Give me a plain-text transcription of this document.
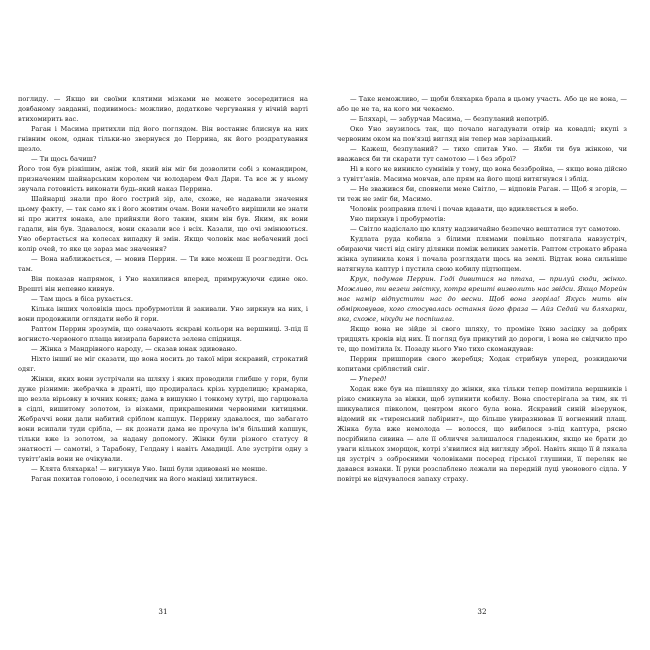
поглиду. — Якщо ви своїми клятими мізками не можете зосередитися на довбаному завданні, подивимось: можливо, додаткове чергування у нічній варті втихомирить вас.

Раган і Масима притихли під його поглядом. Він востаннє блиснув на них гнівним оком, однак тільки-но звернувся до Перрина, як його роздратування щезло.

— Ти щось бачиш?

Його тон був різкішим, аніж той, який він міг би дозволити собі з командиром, призначеним шайнарським королем чи володарем Фал Дари. Та все ж у ньому звучала готовність виконати будь-який наказ Перрина.

Шайнарці знали про його гострий зір, але, схоже, не надавали значення цьому факту, — так само як і його жовтим очам. Вони начебто вирішили не знати ні про життя юнака, але прийняли його таким, яким він був. Яким, як вони гадали, він був. Здавалося, вони сказали все і всіх. Казали, що очі змінюються. Уно обертається на колесах випадку й змін. Якщо чоловік має небачений досі колір очей, то яке це зараз має значення?

— Вона наближається, — мовив Перрин. — Ти вже можеш її розгледіти. Ось там.

Він показав напрямок, і Уно нахилився вперед, примружуючи єдине око. Врешті він непевно кивнув.

— Там щось в біса рухається.

Кілька інших чоловіків щось пробурмотіли й закивали. Уно зиркнув на них, і вони продовжили оглядати небо й гори.

Раптом Перрин зрозумів, що означають яскраві кольори на вершниці. З-під її вогнисто-червоного плаща визирала барвиста зелена спідниця.

— Жінка з Мандрівного народу, — сказав юнак здивовано.

Ніхто іншиї не міг сказати, що вона носить до такої міри яскравий, строкатий одяг.

Жінки, яких вони зустрічали на шляху і яких проводили глибше у гори, були дуже різними: жебрачка в дранті, що продиралась крізь хурделицю; крамарка, що везла вірьовку в ючних конях; дама в вишукно і тонкому хутрі, що гарцювала в сідлі, вишитому золотом, із візками, прикрашеними червоними китицями. Жебраччі вони дали набитий сріблом капшук. Перрину здавалося, що забагато вони всипали туди срібла, — як дознати дама не прочула ім'я більший капшук, тільки вже із золотом, за надану допомогу. Жінки були різного статусу й знатності — самотні, з Тарабону, Гелдану і навіть Амадиції. Але зустріти одну з тувітт'анів вони не очікували.

— Клята бляхарка! — вигукнув Уно. Інші були здивовані не менше.

Раган похитав головою, і оселедчик на його маківці хилитнувся.

31

— Таке неможливо, — щоби бляхарка брала в цьому участь. Або це не вона, — або це не та, на кого ми чекаємо.

— Бляхарі, — забурчав Масима, — безпуланий непотріб.

Око Уно звузилось так, що почало нагадувати отвір на ковадлі; вкупі з червоним оком на пов'язці вигляд він тепер мав зарізацький.

— Кажеш, безпуланий? — тихо спитав Уно. — Якби ти був жінкою, чи вважався би ти скарати тут самотою — і без зброї?

Ні в кого не виникло сумнівів у тому, що вона беззбройна, — якщо вона дійсно з тувітт'анів. Масима мовчав, але прям на його щоці витягнувся і зблід.

— Не зважився би, сповнели мене Світло, — відповів Раган. — Щоб я згорів, — ти теж не зміг би, Масимо.

Чоловік розправив плечі і почав вдавати, що вдивляється в небо.

Уно пирхнув і пробурмотів:

— Світло надіслало цю кляту надзвичайно безпечно вештатися тут самотою.

Кудлата руда кобила з білими плямами повільно потягала навзустріч, обираючи чисті від снігу ділянки поміж великих заметів. Раптом строкато вбрана жінка зупинила коня і почала розглядати щось на землі. Відтак вона сильніше натягнула каптур і пустила свою кобилу підтюпцем.

Крук, подумав Перрин. Годі дивитися на птаха, — прилуй сюди, жінко. Можливо, ти везеш звістку, котра врешті визволить нас звідси. Якщо Морейн має намір відпустити нас до весни. Щоб вона згоріла! Якусь мить він обмірковував, кого стосувалась остання його фраза — Айз Седай чи бляхарки, яка, схоже, нікуди не поспішала.

Якщо вона не зійде зі свого шляху, то проміне їхню засідку за добрих тридцять кроків від них. Її погляд був прикутий до дороги, і вона не свідчило про те, що помітила їх. Позаду нього Уно тихо скомандував:

Перрин пришпорив свого жеребця; Ходак стрибнув уперед, розкидаючи копитами сріблястий сніг.

— Уперед!

Ходак вже був на півшляху до жінки, яка тільки тепер помітила вершників і різко смикнула за віжки, щоб зупинити кобилу. Вона спостерігала за тим, як ті шикувалися півколом, центром якого була вона. Яскравий синій візерунок, відомий як «тиренський лабіринт», що більше увиразнював її вогненний плащ. Жінка була вже немолода — волосся, що вибилося з-під каптура, рясно посрібнила сивина — але її обличчя залишалося гладеньким, якщо не брати до уваги кількох зморщок, котрі з'явилися від вигляду зброї. Навіть якщо її й лякала ця зустріч з озброєними чоловіками посеред гірської глушини, її переляк не давався взнаки. Її руки розслаблено лежали на передній луці увонового сідла. У повітрі не відчувалося запаху страху.

32
